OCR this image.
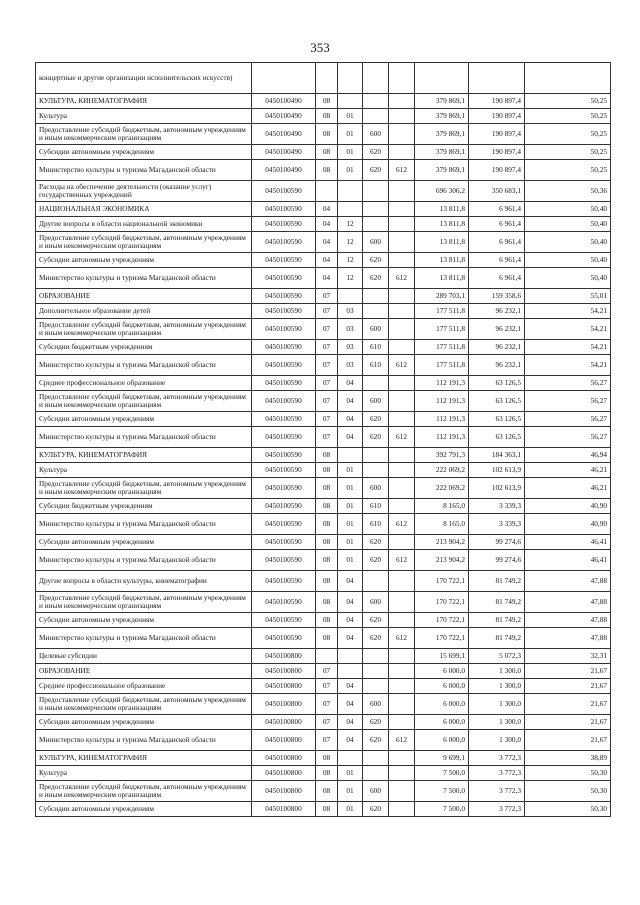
353
концертные и другие организации исполнительских искусств)								
КУЛЬТУРА, КИНЕМАТОГРАФИЯ	0450100490	08				379 869,1	190 897,4	50,25
Культура	0450100490	08	01			379 869,1	190 897,4	50,25
Предоставление субсидий бюджетным, автономным учреждениям и иным некоммерческим организациям	0450100490	08	01	600		379 869,1	190 897,4	50,25
Субсидии автономным учреждениям	0450100490	08	01	620		379 869,1	190 897,4	50,25
Министерство культуры и туризма Магаданской области	0450100490	08	01	620	612	379 869,1	190 897,4	50,25
Расходы на обеспечение деятельности (оказание услуг) государственных учреждений	0450100590					696 306,2	350 683,1	50,36
НАЦИОНАЛЬНАЯ ЭКОНОМИКА	0450100590	04				13 811,8	6 961,4	50,40
Другие вопросы в области национальной экономики	0450100590	04	12			13 811,8	6 961,4	50,40
Предоставление субсидий бюджетным, автономным учреждениям и иным некоммерческим организациям	0450100590	04	12	600		13 811,8	6 961,4	50,40
Субсидии автономным учреждениям	0450100590	04	12	620		13 811,8	6 961,4	50,40
Министерство культуры и туризма Магаданской области	0450100590	04	12	620	612	13 811,8	6 961,4	50,40
ОБРАЗОВАНИЕ	0450100590	07				289 703,1	159 358,6	55,01
Дополнительное образование детей	0450100590	07	03			177 511,8	96 232,1	54,21
Предоставление субсидий бюджетным, автономным учреждениям и иным некоммерческим организациям	0450100590	07	03	600		177 511,8	96 232,1	54,21
Субсидии бюджетным учреждениям	0450100590	07	03	610		177 511,8	96 232,1	54,21
Министерство культуры и туризма Магаданской области	0450100590	07	03	610	612	177 511,8	96 232,1	54,21
Среднее профессиональное образование	0450100590	07	04			112 191,3	63 126,5	56,27
Предоставление субсидий бюджетным, автономным учреждениям и иным некоммерческим организациям	0450100590	07	04	600		112 191,3	63 126,5	56,27
Субсидии автономным учреждениям	0450100590	07	04	620		112 191,3	63 126,5	56,27
Министерство культуры и туризма Магаданской области	0450100590	07	04	620	612	112 191,3	63 126,5	56,27
КУЛЬТУРА, КИНЕМАТОГРАФИЯ	0450100590	08				392 791,3	184 363,1	46,94
Культура	0450100590	08	01			222 069,2	102 613,9	46,21
Предоставление субсидий бюджетным, автономным учреждениям и иным некоммерческим организациям	0450100590	08	01	600		222 069,2	102 613,9	46,21
Субсидии бюджетным учреждениям	0450100590	08	01	610		8 165,0	3 339,3	40,90
Министерство культуры и туризма Магаданской области	0450100590	08	01	610	612	8 165,0	3 339,3	40,90
Субсидии автономным учреждениям	0450100590	08	01	620		213 904,2	99 274,6	46,41
Министерство культуры и туризма Магаданской области	0450100590	08	01	620	612	213 904,2	99 274,6	46,41
Другие вопросы в области культуры, кинематографии	0450100590	08	04			170 722,1	81 749,2	47,88
Предоставление субсидий бюджетным, автономным учреждениям и иным некоммерческим организациям	0450100590	08	04	600		170 722,1	81 749,2	47,88
Субсидии автономным учреждениям	0450100590	08	04	620		170 722,1	81 749,2	47,88
Министерство культуры и туризма Магаданской области	0450100590	08	04	620	612	170 722,1	81 749,2	47,88
Целевые субсидии	0450100800					15 699,1	5 072,3	32,31
ОБРАЗОВАНИЕ	0450100800	07				6 000,0	1 300,0	21,67
Среднее профессиональное образование	0450100800	07	04			6 000,0	1 300,0	21,67
Предоставление субсидий бюджетным, автономным учреждениям и иным некоммерческим организациям	0450100800	07	04	600		6 000,0	1 300,0	21,67
Субсидии автономным учреждениям	0450100800	07	04	620		6 000,0	1 300,0	21,67
Министерство культуры и туризма Магаданской области	0450100800	07	04	620	612	6 000,0	1 300,0	21,67
КУЛЬТУРА, КИНЕМАТОГРАФИЯ	0450100800	08				9 699,1	3 772,3	38,89
Культура	0450100800	08	01			7 500,0	3 772,3	50,30
Предоставление субсидий бюджетным, автономным учреждениям и иным некоммерческим организациям	0450100800	08	01	600		7 500,0	3 772,3	50,30
Субсидии автономным учреждениям	0450100800	08	01	620		7 500,0	3 772,3	50,30
